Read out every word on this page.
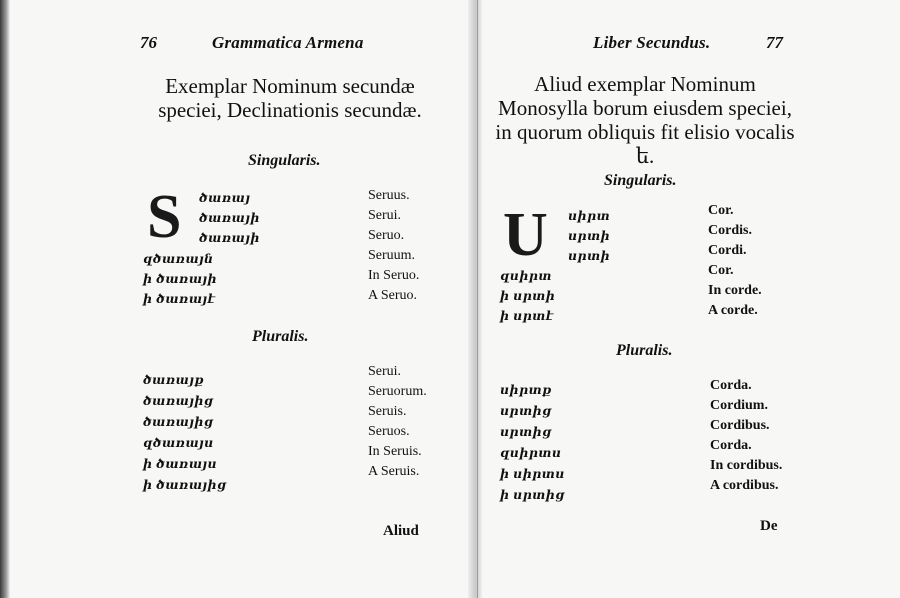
76	Grammatica Armena
Exemplar Nominum secundæ speciei, Declinationis secundæ.
Singularis.
S ծառայ
ծառայի
ծառայի
զծառայն
ի ծառայի
ի ծառայէ
Seruus.
Serui.
Seruo.
Seruum.
In Seruo.
A Seruo.
Pluralis.
ծառայք
ծառայից
ծառայից
զծառայս
ի ծառայս
ի ծառայից
Serui.
Seruorum.
Seruis.
Seruos.
In Seruis.
A Seruis.
Aliud
Liber Secundus.	77
Aliud exemplar Nominum Monosylla borum eiusdem speciei, in quorum obliquis fit elisio vocalis ե.
Singularis.
U սիրտ
սրտի
սրտի
զսիրտ
ի սրտի
ի սրտէ
Cor.
Cordis.
Cordi.
Cor.
In corde.
A corde.
Pluralis.
սիրտք
սրտից
սրտից
զսիրտս
ի սիրտս
ի սրտից
Corda.
Cordium.
Cordibus.
Corda.
In cordibus.
A cordibus.
De
